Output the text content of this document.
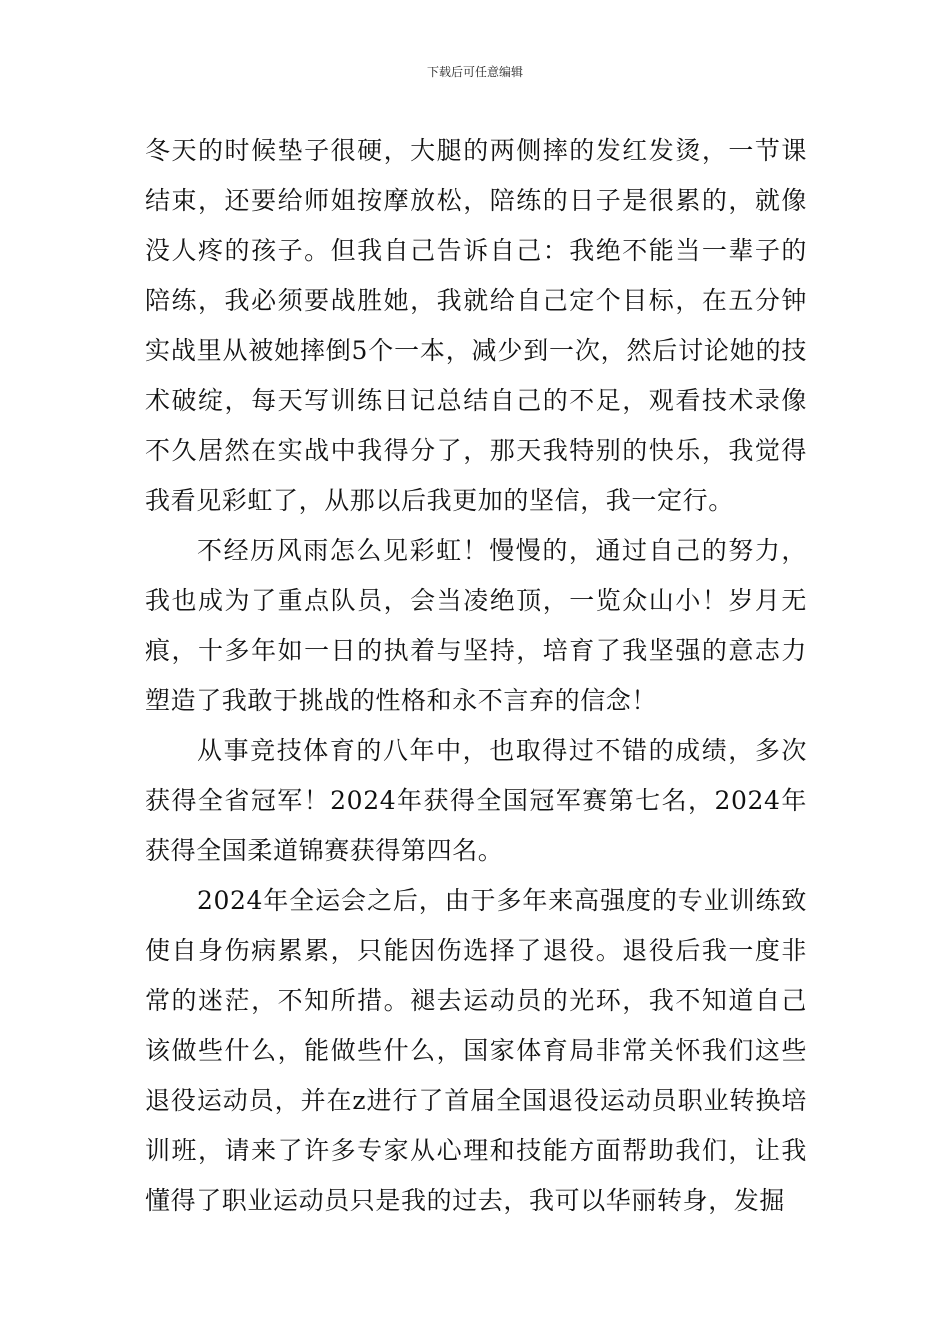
下载后可任意编辑

冬天的时候垫子很硬，大腿的两侧摔的发红发烫，一节课结束，还要给师姐按摩放松，陪练的日子是很累的，就像没人疼的孩子。但我自己告诉自己：我绝不能当一辈子的陪练，我必须要战胜她，我就给自己定个目标，在五分钟实战里从被她摔倒5个一本，减少到一次，然后讨论她的技术破绽，每天写训练日记总结自己的不足，观看技术录像不久居然在实战中我得分了，那天我特别的快乐，我觉得我看见彩虹了，从那以后我更加的坚信，我一定行。

不经历风雨怎么见彩虹！慢慢的，通过自己的努力，我也成为了重点队员，会当凌绝顶，一览众山小！岁月无痕，十多年如一日的执着与坚持，培育了我坚强的意志力塑造了我敢于挑战的性格和永不言弃的信念！

从事竞技体育的八年中，也取得过不错的成绩，多次获得全省冠军！2024年获得全国冠军赛第七名，2024年获得全国柔道锦赛获得第四名。

2024年全运会之后，由于多年来高强度的专业训练致使自身伤病累累，只能因伤选择了退役。退役后我一度非常的迷茫，不知所措。褪去运动员的光环，我不知道自己该做些什么，能做些什么，国家体育局非常关怀我们这些退役运动员，并在z进行了首届全国退役运动员职业转换培训班，请来了许多专家从心理和技能方面帮助我们，让我懂得了职业运动员只是我的过去，我可以华丽转身，发掘
